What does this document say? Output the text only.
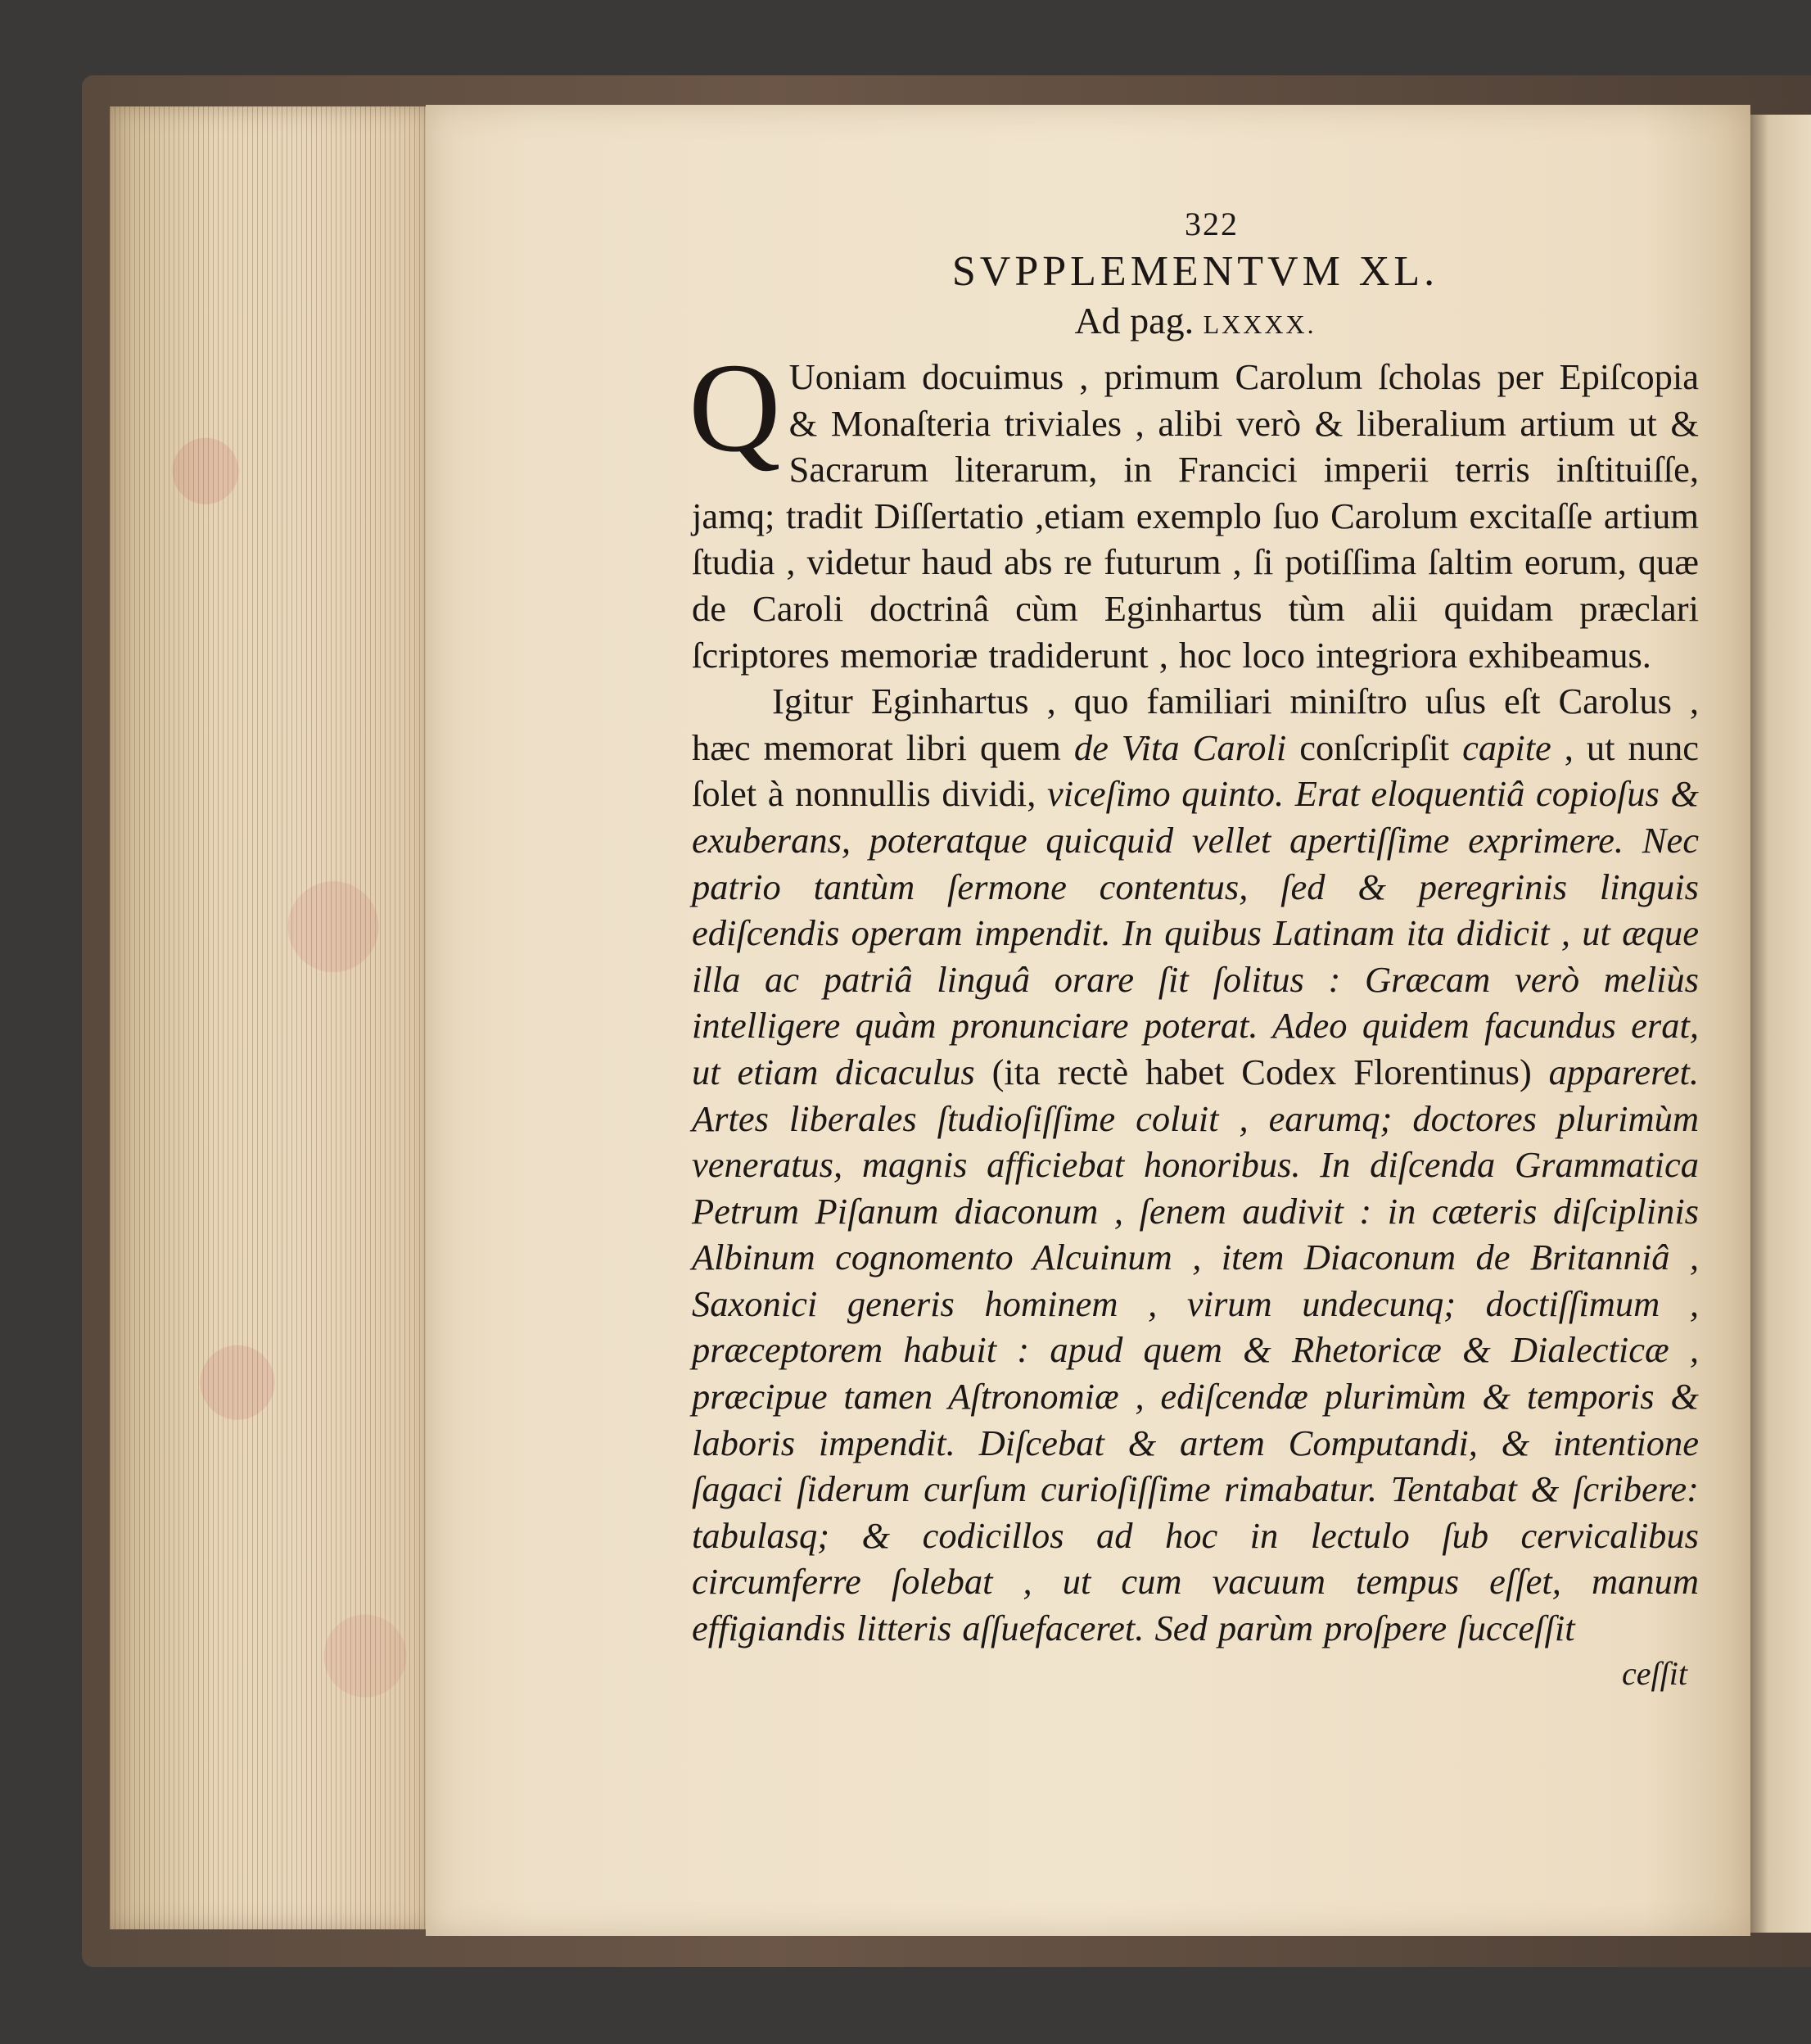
322
SVPPLEMENTVM XL.
Ad pag. LXXXX.

Q Uoniam docuimus , primum Carolum ſcholas per Epiſcopia & Monaſteria triviales , alibi verò & liberalium artium ut & Sacrarum literarum, in Francici imperii terris inſtituiſſe, jamq; tradit Diſſertatio ,etiam exemplo ſuo Carolum excitaſſe artium ſtudia , videtur haud abs re futurum , ſi potiſſima ſaltim eorum, quæ de Caroli doctrinâ cùm Eginhartus tùm alii quidam præclari ſcriptores memoriæ tradiderunt , hoc loco integriora exhibeamus.

Igitur Eginhartus , quo familiari miniſtro uſus eſt Carolus , hæc memorat libri quem de Vita Caroli conſcripſit capite , ut nunc ſolet à nonnullis dividi, viceſimo quinto. Erat eloquentiâ copioſus & exuberans, poteratque quicquid vellet apertiſſime exprimere. Nec patrio tantùm ſermone contentus, ſed & peregrinis linguis ediſcendis operam impendit. In quibus Latinam ita didicit , ut æque illa ac patriâ linguâ orare ſit ſolitus : Græcam verò meliùs intelligere quàm pronunciare poterat. Adeo quidem facundus erat, ut etiam dicaculus (ita rectè habet Codex Florentinus) appareret. Artes liberales ſtudioſiſſime coluit , earumq; doctores plurimùm veneratus, magnis afficiebat honoribus. In diſcenda Grammatica Petrum Piſanum diaconum , ſenem audivit : in cæteris diſciplinis Albinum cognomento Alcuinum , item Diaconum de Britanniâ , Saxonici generis hominem , virum undecunq; doctiſſimum , præceptorem habuit : apud quem & Rhetoricæ & Dialecticæ , præcipue tamen Aſtronomiæ , ediſcendæ plurimùm & temporis & laboris impendit. Diſcebat & artem Computandi, & intentione ſagaci ſiderum curſum curioſiſſime rimabatur. Tentabat & ſcribere: tabulasq; & codicillos ad hoc in lectulo ſub cervicalibus circumferre ſolebat , ut cum vacuum tempus eſſet, manum effigiandis litteris aſſuefaceret. Sed parùm proſpere ſucceſſit

ceſſit
